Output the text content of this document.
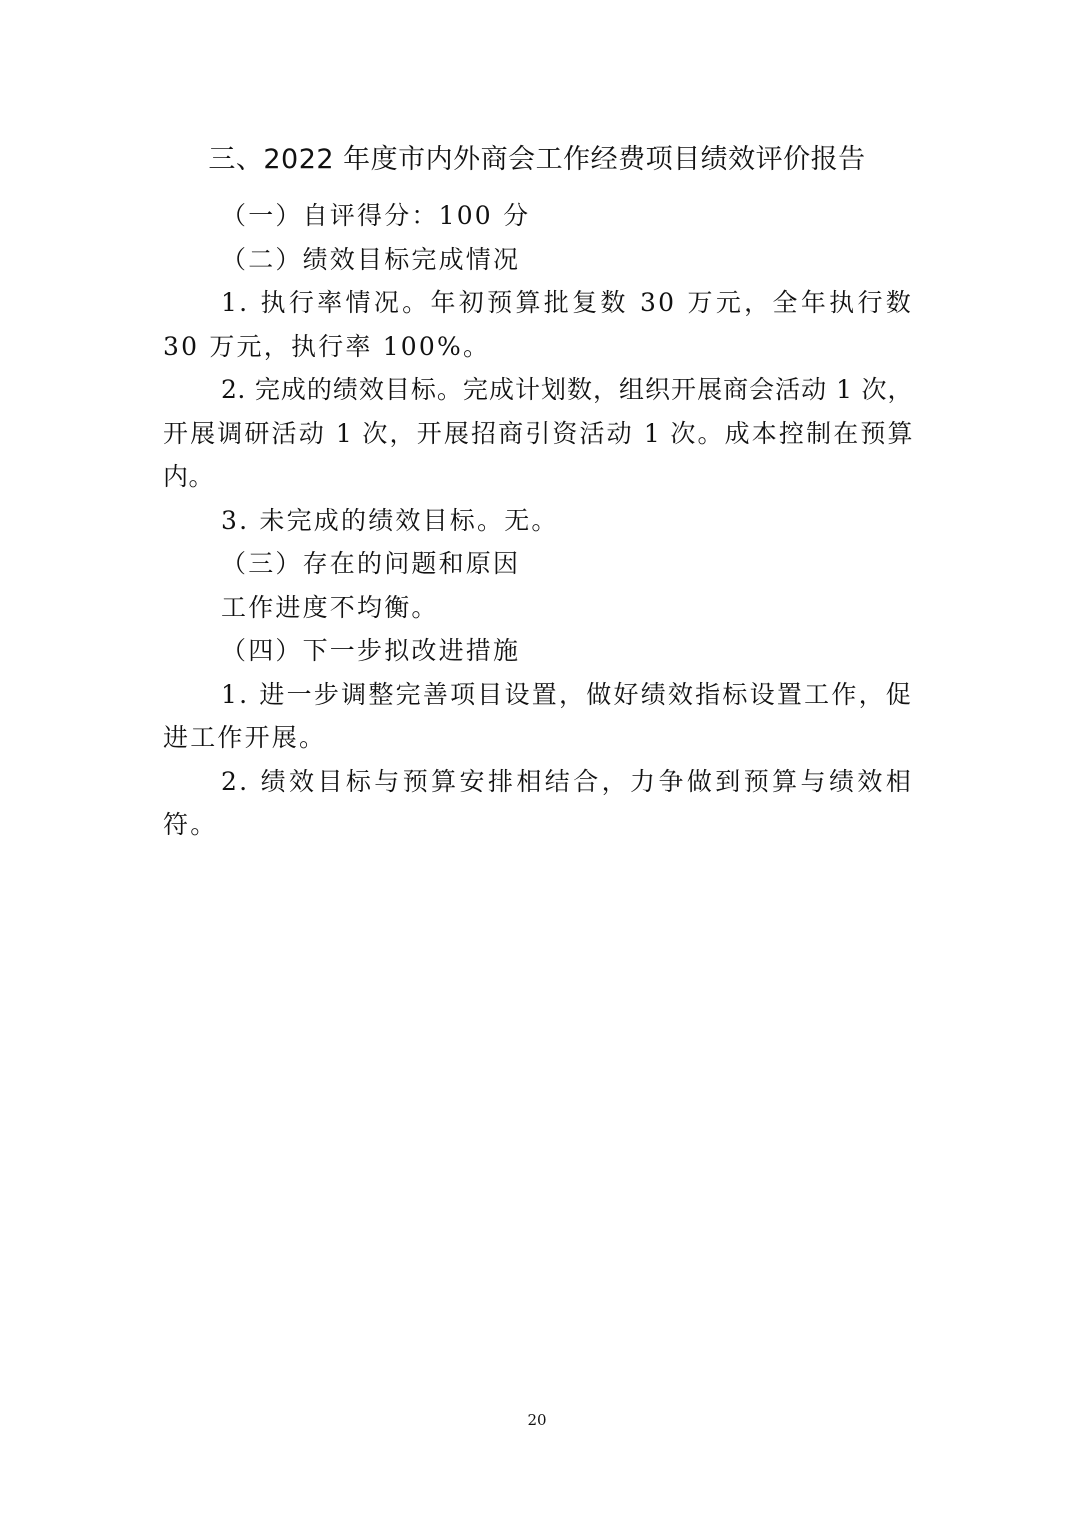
三、2022 年度市内外商会工作经费项目绩效评价报告

（一）自评得分：100 分

（二）绩效目标完成情况

1. 执行率情况。年初预算批复数 30 万元，全年执行数 30 万元，执行率 100%。

2. 完成的绩效目标。完成计划数，组织开展商会活动 1 次，开展调研活动 1 次，开展招商引资活动 1 次。成本控制在预算内。

3. 未完成的绩效目标。无。

（三）存在的问题和原因

工作进度不均衡。

（四）下一步拟改进措施

1. 进一步调整完善项目设置，做好绩效指标设置工作，促进工作开展。

2. 绩效目标与预算安排相结合，力争做到预算与绩效相符。

20
